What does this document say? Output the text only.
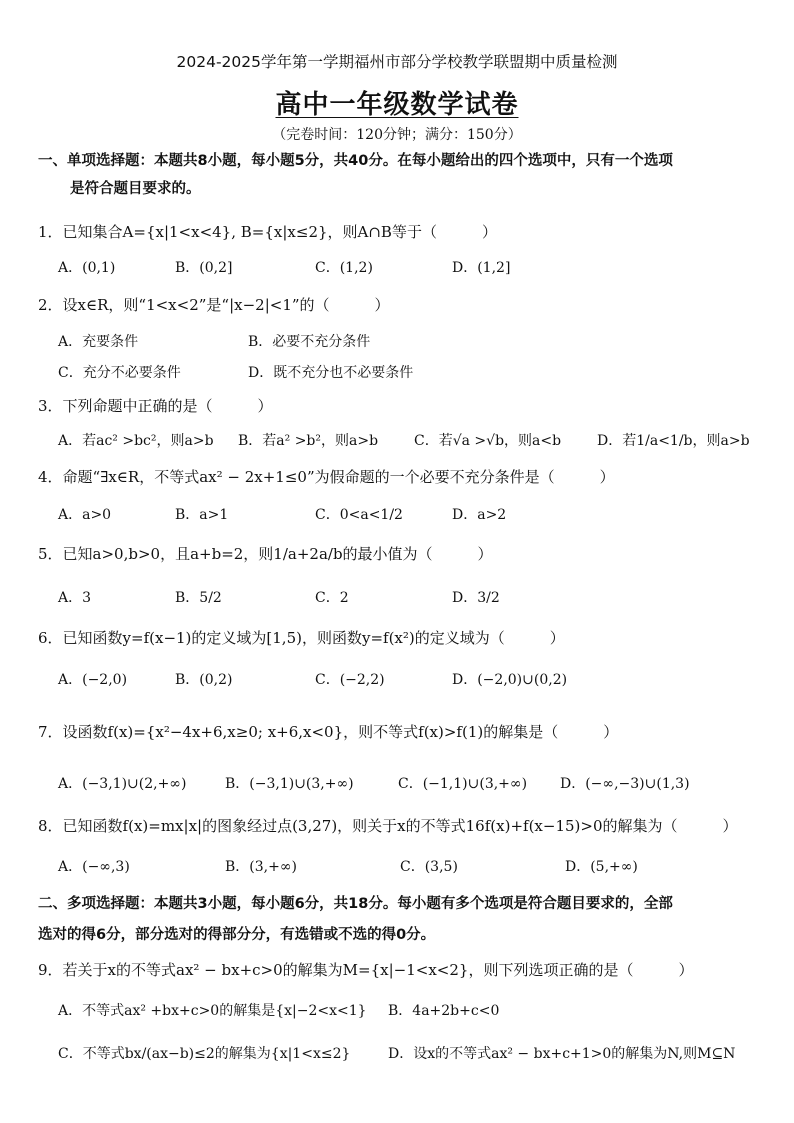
2024-2025学年第一学期福州市部分学校教学联盟期中质量检测
高中一年级数学试卷
（完卷时间：120分钟；满分：150分）
一、单项选择题：本题共8小题，每小题5分，共40分。在每小题给出的四个选项中，只有一个选项
是符合题目要求的。
1．已知集合A={x|1<x<4}, B={x|x≤2}，则A∩B等于（　　　）
A．(0,1)	B．(0,2]	C．(1,2)	D．(1,2]
2．设x∈R，则“1<x<2”是“|x−2|<1”的（　　　）
A．充要条件	B．必要不充分条件
C．充分不必要条件	D．既不充分也不必要条件
3．下列命题中正确的是（　　　）
A．若ac² >bc²，则a>b B．若a² >b²，则a>b	C．若√a >√b，则a<b	D．若1/a<1/b，则a>b
4．命题“∃x∈R，不等式ax² − 2x+1≤0”为假命题的一个必要不充分条件是（　　　）
A．a>0	B．a>1	C．0<a<1/2	D．a>2
5．已知a>0,b>0，且a+b=2，则1/a+2a/b的最小值为（　　　）
A．3	B．5/2	C．2	D．3/2
6．已知函数y=f(x−1)的定义域为[1,5)，则函数y=f(x²)的定义域为（　　　）
A．(−2,0)	B．(0,2)	C．(−2,2)	D．(−2,0)∪(0,2)
7．设函数f(x)={x²−4x+6,x≥0; x+6,x<0}，则不等式f(x)>f(1)的解集是（　　　）
A．(−3,1)∪(2,+∞)	B．(−3,1)∪(3,+∞)	C．(−1,1)∪(3,+∞) D．(−∞,−3)∪(1,3)
8．已知函数f(x)=mx|x|的图象经过点(3,27)，则关于x的不等式16f(x)+f(x−15)>0的解集为（　　　）
A．(−∞,3)	B．(3,+∞)	C．(3,5)	D．(5,+∞)
二、多项选择题：本题共3小题，每小题6分，共18分。每小题有多个选项是符合题目要求的，全部
选对的得6分，部分选对的得部分分，有选错或不选的得0分。
9．若关于x的不等式ax² − bx+c>0的解集为M={x|−1<x<2}，则下列选项正确的是（　　　）
A．不等式ax² +bx+c>0的解集是{x|−2<x<1} B．4a+2b+c<0
C．不等式bx/(ax−b)≤2的解集为{x|1<x≤2}	D．设x的不等式ax² − bx+c+1>0的解集为N,则M⊆N
